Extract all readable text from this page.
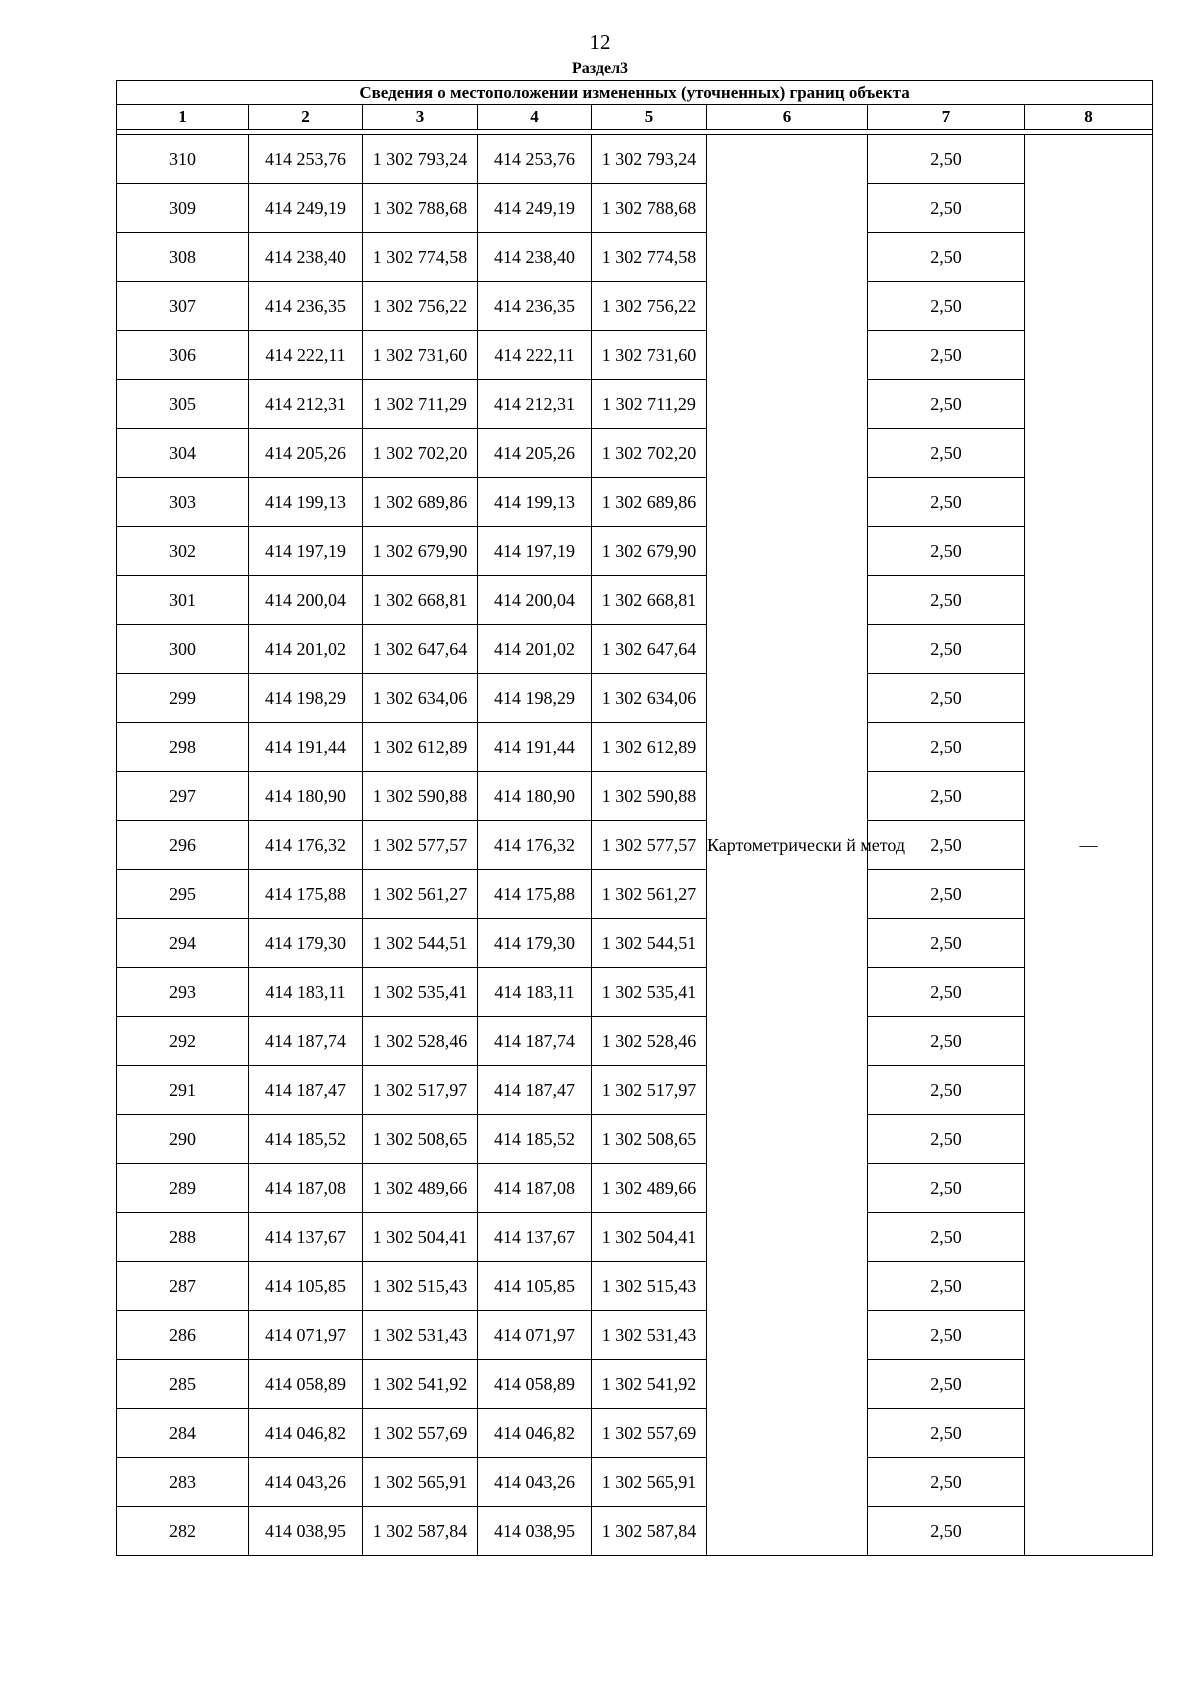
12
Раздел3
Сведения о местоположении измененных (уточненных) границ объекта							
1	2	3	4	5	6	7	8

310	414 253,76	1 302 793,24	414 253,76	1 302 793,24	Картометрически й метод	2,50	—
309	414 249,19	1 302 788,68	414 249,19	1 302 788,68		2,50	
308	414 238,40	1 302 774,58	414 238,40	1 302 774,58		2,50	
307	414 236,35	1 302 756,22	414 236,35	1 302 756,22		2,50	
306	414 222,11	1 302 731,60	414 222,11	1 302 731,60		2,50	
305	414 212,31	1 302 711,29	414 212,31	1 302 711,29		2,50	
304	414 205,26	1 302 702,20	414 205,26	1 302 702,20		2,50	
303	414 199,13	1 302 689,86	414 199,13	1 302 689,86		2,50	
302	414 197,19	1 302 679,90	414 197,19	1 302 679,90		2,50	
301	414 200,04	1 302 668,81	414 200,04	1 302 668,81		2,50	
300	414 201,02	1 302 647,64	414 201,02	1 302 647,64		2,50	
299	414 198,29	1 302 634,06	414 198,29	1 302 634,06		2,50	
298	414 191,44	1 302 612,89	414 191,44	1 302 612,89		2,50	
297	414 180,90	1 302 590,88	414 180,90	1 302 590,88		2,50	
296	414 176,32	1 302 577,57	414 176,32	1 302 577,57		2,50	
295	414 175,88	1 302 561,27	414 175,88	1 302 561,27		2,50	
294	414 179,30	1 302 544,51	414 179,30	1 302 544,51		2,50	
293	414 183,11	1 302 535,41	414 183,11	1 302 535,41		2,50	
292	414 187,74	1 302 528,46	414 187,74	1 302 528,46		2,50	
291	414 187,47	1 302 517,97	414 187,47	1 302 517,97		2,50	
290	414 185,52	1 302 508,65	414 185,52	1 302 508,65		2,50	
289	414 187,08	1 302 489,66	414 187,08	1 302 489,66		2,50	
288	414 137,67	1 302 504,41	414 137,67	1 302 504,41		2,50	
287	414 105,85	1 302 515,43	414 105,85	1 302 515,43		2,50	
286	414 071,97	1 302 531,43	414 071,97	1 302 531,43		2,50	
285	414 058,89	1 302 541,92	414 058,89	1 302 541,92		2,50	
284	414 046,82	1 302 557,69	414 046,82	1 302 557,69		2,50	
283	414 043,26	1 302 565,91	414 043,26	1 302 565,91		2,50	
282	414 038,95	1 302 587,84	414 038,95	1 302 587,84		2,50	
